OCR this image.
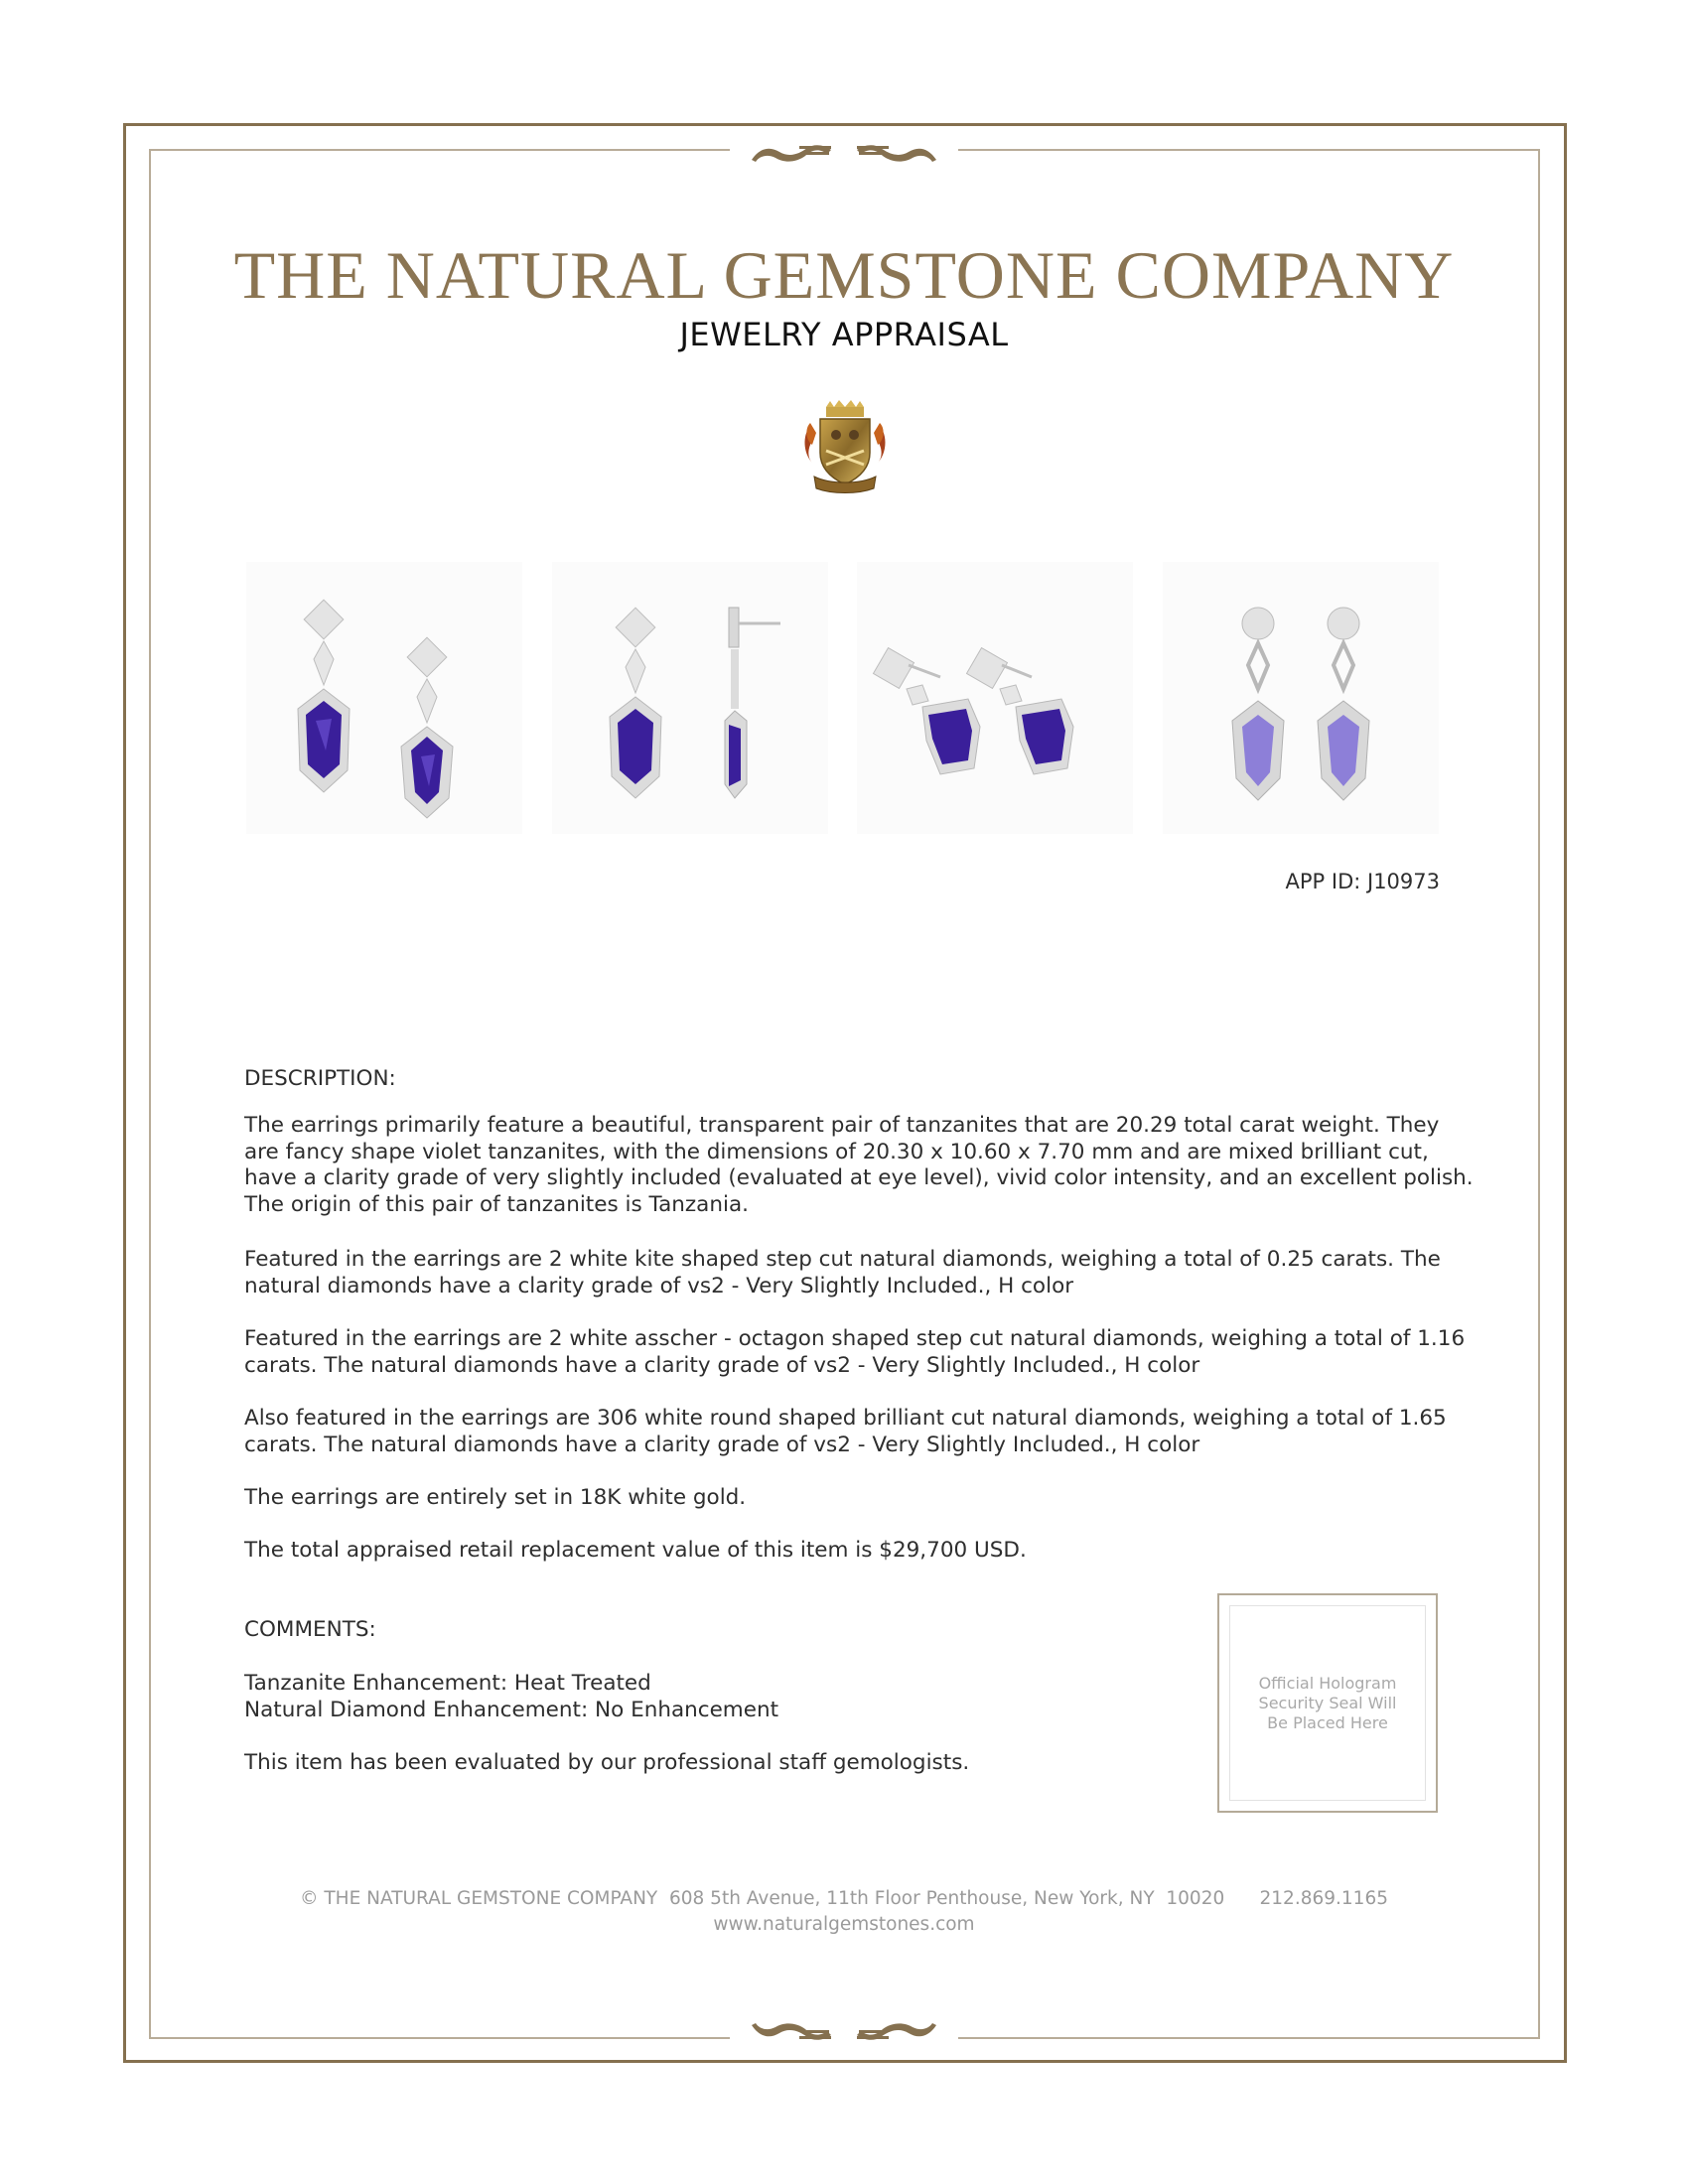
THE NATURAL GEMSTONE COMPANY
JEWELRY APPRAISAL
APP ID: J10973
DESCRIPTION:
The earrings primarily feature a beautiful, transparent pair of tanzanites that are 20.29 total carat weight. They are fancy shape violet tanzanites, with the dimensions of 20.30 x 10.60 x 7.70 mm and are mixed brilliant cut, have a clarity grade of very slightly included (evaluated at eye level), vivid color intensity, and an excellent polish. The origin of this pair of tanzanites is Tanzania.
Featured in the earrings are 2 white kite shaped step cut natural diamonds, weighing a total of 0.25 carats. The natural diamonds have a clarity grade of vs2 - Very Slightly Included., H color
Featured in the earrings are 2 white asscher - octagon shaped step cut natural diamonds, weighing a total of 1.16 carats. The natural diamonds have a clarity grade of vs2 - Very Slightly Included., H color
Also featured in the earrings are 306 white round shaped brilliant cut natural diamonds, weighing a total of 1.65 carats. The natural diamonds have a clarity grade of vs2 - Very Slightly Included., H color
The earrings are entirely set in 18K white gold.
The total appraised retail replacement value of this item is $29,700 USD.
COMMENTS:
Tanzanite Enhancement: Heat Treated
Natural Diamond Enhancement: No Enhancement
This item has been evaluated by our professional staff gemologists.
Official Hologram
Security Seal Will
Be Placed Here
© THE NATURAL GEMSTONE COMPANY  608 5th Avenue, 11th Floor Penthouse, New York, NY  10020      212.869.1165
www.naturalgemstones.com
